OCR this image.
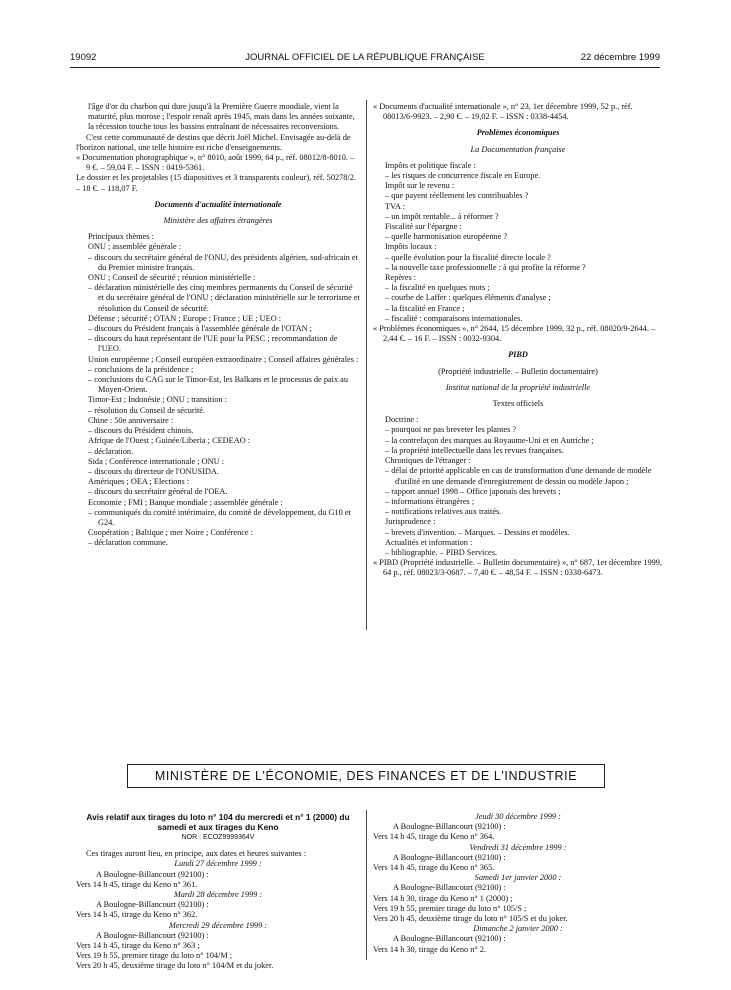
19092	JOURNAL OFFICIEL DE LA RÉPUBLIQUE FRANÇAISE	22 décembre 1999

l'âge d'or du charbon qui dure jusqu'à la Première Guerre mondiale, vient la maturité, plus morose ; l'espoir renaît après 1945, mais dans les années soixante, la récession touche tous les bassins entraînant de nécessaires reconversions.

C'est cette communauté de destins que décrit Joël Michel. Envisagée au-delà de l'horizon national, une telle histoire est riche d'enseignements.

« Documentation photographique », n° 8010, août 1999, 64 p., réf. 08012/8-8010. – 9 €. – 59,04 F. – ISSN : 0419-5361.

Le dossier et les projetables (15 diapositives et 3 transparents couleur), réf. 50278/2. – 18 €. – 118,07 F.

Documents d'actualité internationale

Ministère des affaires étrangères

Principaux thèmes :

ONU ; assemblée générale :

– discours du secrétaire général de l'ONU, des présidents algérien, sud-africain et du Premier ministre français.

ONU ; Conseil de sécurité ; réunion ministérielle :

– déclaration ministérielle des cinq membres permanents du Conseil de sécurité et du secrétaire général de l'ONU ; déclaration ministérielle sur le terrorisme et résolution du Conseil de sécurité.

Défense ; sécurité ; OTAN ; Europe ; France ; UE ; UEO :

– discours du Président français à l'assemblée générale de l'OTAN ;

– discours du haut représentant de l'UE pour la PESC ; recommandation de l'UEO.

Union européenne ; Conseil européen extraordinaire ; Conseil affaires générales :

– conclusions de la présidence ;

– conclusions du CAG sur le Timor-Est, les Balkans et le processus de paix au Moyen-Orient.

Timor-Est ; Indonésie ; ONU ; transition :

– résolution du Conseil de sécurité.

Chine : 50e anniversaire :

– discours du Président chinois.

Afrique de l'Ouest ; Guinée/Liberia ; CEDEAO :

– déclaration.

Sida ; Conférence internationale ; ONU :

– discours du directeur de l'ONUSIDA.

Amériques ; OEA ; Elections :

– discours du secrétaire général de l'OEA.

Economie ; FMI ; Banque mondiale ; assemblée générale :

– communiqués du comité intérimaire, du comité de développement, du G10 et G24.

Coopération ; Baltique ; mer Noire ; Conférence :

– déclaration commune.

« Documents d'actualité internationale », n° 23, 1er décembre 1999, 52 p., réf. 08013/6-9923. – 2,90 €. – 19,02 F. – ISSN : 0338-4454.

Problèmes économiques

La Documentation française

Impôts et politique fiscale :

– les risques de concurrence fiscale en Europe.

Impôt sur le revenu :

– que payent réellement les contribuables ?

TVA :

– un impôt rentable... à réformer ?

Fiscalité sur l'épargne :

– quelle harmonisation européenne ?

Impôts locaux :

– quelle évolution pour la fiscalité directe locale ?

– la nouvelle taxe professionnelle : à qui profite la réforme ?

Repères :

– la fiscalité en quelques mots ;

– courbe de Laffer : quelques éléments d'analyse ;

– la fiscalité en France ;

– fiscalité : comparaisons internationales.

« Problèmes économiques », n° 2644, 15 décembre 1999, 32 p., réf. 08020/9-2644. – 2,44 €. – 16 F. – ISSN : 0032-9304.

PIBD

(Propriété industrielle. – Bulletin documentaire)

Institut national de la propriété industrielle

Textes officiels

Doctrine :

– pourquoi ne pas breveter les plantes ?

– la contrefaçon des marques au Royaume-Uni et en Autriche ;

– la propriété intellectuelle dans les revues françaises.

Chroniques de l'étranger :

– délai de priorité applicable en cas de transformation d'une demande de modèle d'utilité en une demande d'enregistrement de dessin ou modèle Japon ;

– rapport annuel 1998 – Office japonais des brevets ;

– informations étrangères ;

– notifications relatives aux traités.

Jurisprudence :

– brevets d'invention. – Marques. – Dessins et modèles.

Actualités et information :

– bibliographie. – PIBD Services.

« PIBD (Propriété industrielle. – Bulletin documentaire) », n° 687, 1er décembre 1999, 64 p., réf. 08023/3-0687. – 7,40 €. – 48,54 F. – ISSN : 0338-6473.

MINISTÈRE DE L'ÉCONOMIE, DES FINANCES ET DE L'INDUSTRIE

Avis relatif aux tirages du loto n° 104 du mercredi et n° 1 (2000) du samedi et aux tirages du Keno

NOR : ECOZ9999364V

Ces tirages auront lieu, en principe, aux dates et heures suivantes :

Lundi 27 décembre 1999 :

A Boulogne-Billancourt (92100) :

Vers 14 h 45, tirage du Keno n° 361.

Mardi 28 décembre 1999 :

A Boulogne-Billancourt (92100) :

Vers 14 h 45, tirage du Keno n° 362.

Mercredi 29 décembre 1999 :

A Boulogne-Billancourt (92100) :

Vers 14 h 45, tirage du Keno n° 363 ;

Vers 19 h 55, premier tirage du loto n° 104/M ;

Vers 20 h 45, deuxième tirage du loto n° 104/M et du joker.

Jeudi 30 décembre 1999 :

A Boulogne-Billancourt (92100) :

Vers 14 h 45, tirage du Keno n° 364.

Vendredi 31 décembre 1999 :

A Boulogne-Billancourt (92100) :

Vers 14 h 45, tirage du Keno n° 365.

Samedi 1er janvier 2000 :

A Boulogne-Billancourt (92100) :

Vers 14 h 30, tirage du Keno n° 1 (2000) ;

Vers 19 h 55, premier tirage du loto n° 105/S ;

Vers 20 h 45, deuxième tirage du loto n° 105/S et du joker.

Dimanche 2 janvier 2000 :

A Boulogne-Billancourt (92100) :

Vers 14 h 30, tirage du Keno n° 2.
